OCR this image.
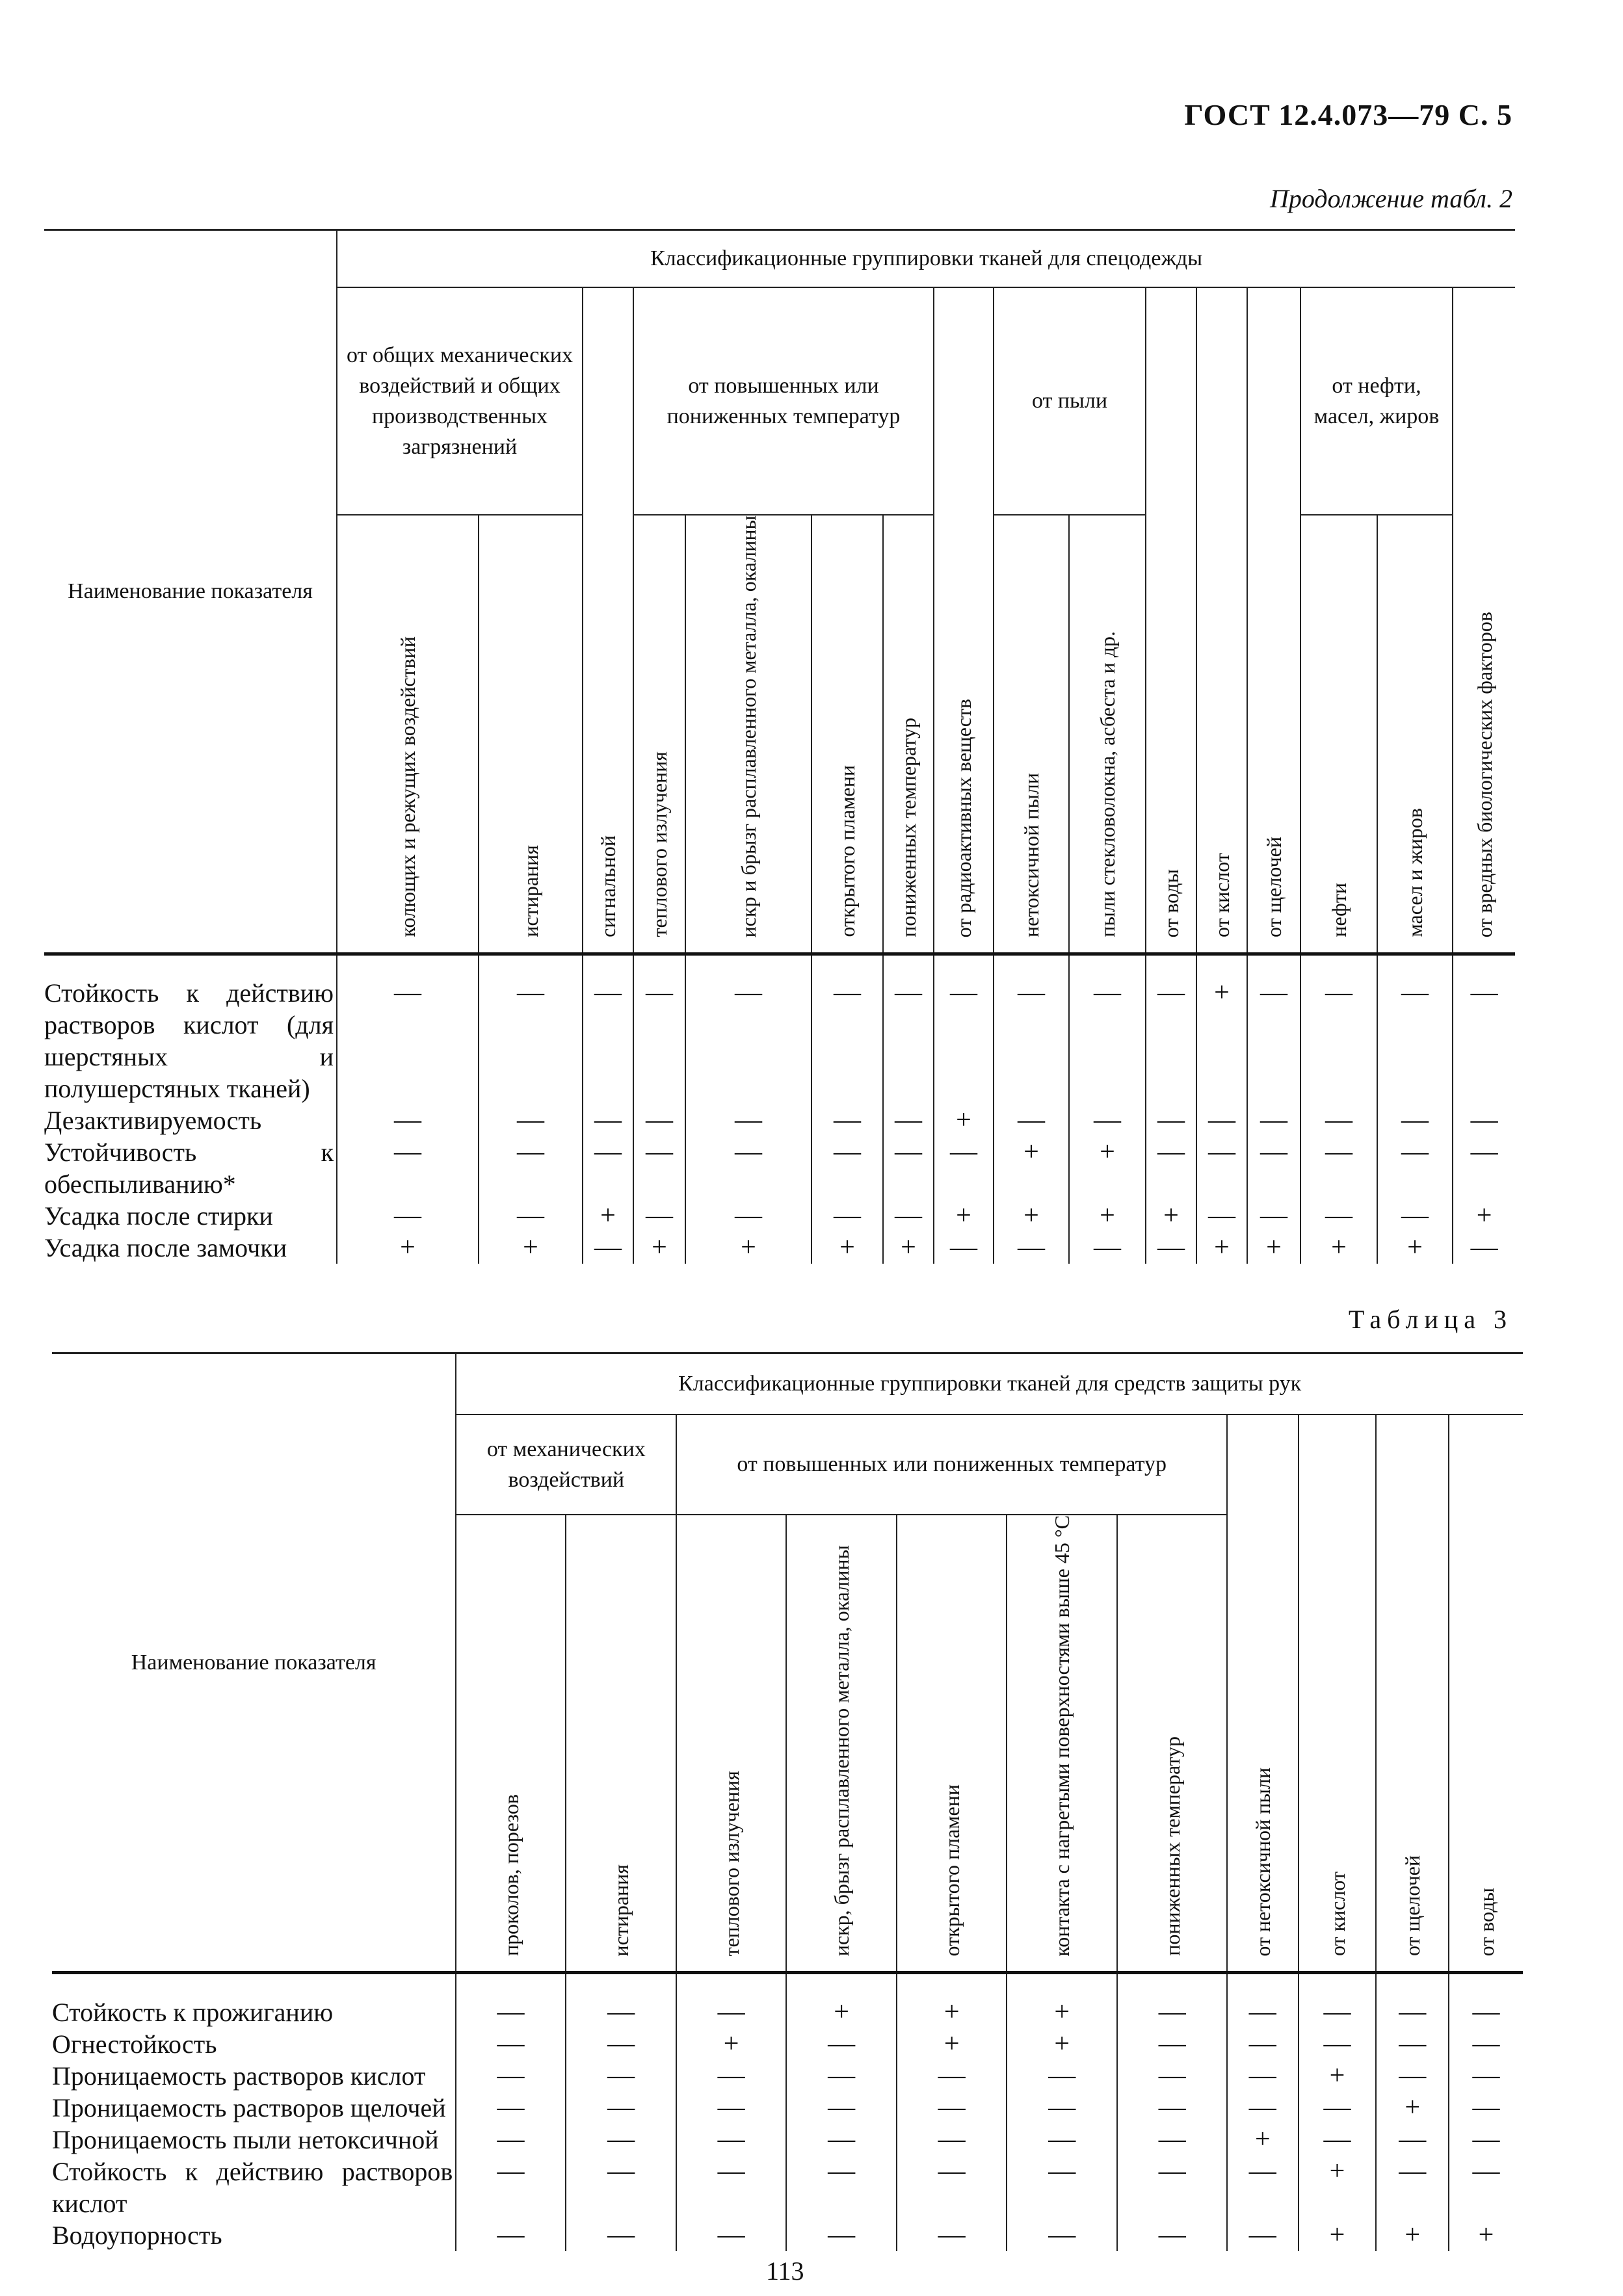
ГОСТ 12.4.073—79 С. 5
Продолжение табл. 2
Наименование показателя	Классификационные группировки тканей для спецодежды															
	от общих механических воздействий и общих производственных загрязнений		сигнальной	от повышенных или пониженных температур				от радиоактивных веществ	от пыли		от воды	от кислот	от щелочей	от нефти, масел, жиров		от вредных биологических факторов
	колющих и режущих воздействий	истирания		теплового излучения	искр и брызг расплавленного металла, окалины	открытого пламени	пониженных температур		нетоксичной пыли	пыли стекловолокна, асбеста и др.				нефти	масел и жиров	

Стойкость к действию растворов кислот (для шерстяных и полушерстяных тканей)	—	—	—	—	—	—	—	—	—	—	—	+	—	—	—	—
Дезактивируемость	—	—	—	—	—	—	—	+	—	—	—	—	—	—	—	—
Устойчивость к обеспыливанию*	—	—	—	—	—	—	—	—	+	+	—	—	—	—	—	—
Усадка после стирки	—	—	+	—	—	—	—	+	+	+	+	—	—	—	—	+
Усадка после замочки	+	+	—	+	+	+	+	—	—	—	—	+	+	+	+	—
Таблица 3
Наименование показателя	Классификационные группировки тканей для средств защиты рук										
	от механических воздействий		от повышенных или пониженных температур					от нетоксичной пыли	от кислот	от щелочей	от воды
	проколов, порезов	истирания	теплового излучения	искр, брызг расплавленного металла, окалины	открытого пламени	контакта с нагретыми поверхностями выше 45 °С	пониженных температур				

Стойкость к прожиганию	—	—	—	+	+	+	—	—	—	—	—
Огнестойкость	—	—	+	—	+	+	—	—	—	—	—
Проницаемость растворов кислот	—	—	—	—	—	—	—	—	+	—	—
Проницаемость растворов щелочей	—	—	—	—	—	—	—	—	—	+	—
Проницаемость пыли нетоксичной	—	—	—	—	—	—	—	+	—	—	—
Стойкость к действию растворов кислот	—	—	—	—	—	—	—	—	+	—	—
Водоупорность	—	—	—	—	—	—	—	—	+	+	+
113
